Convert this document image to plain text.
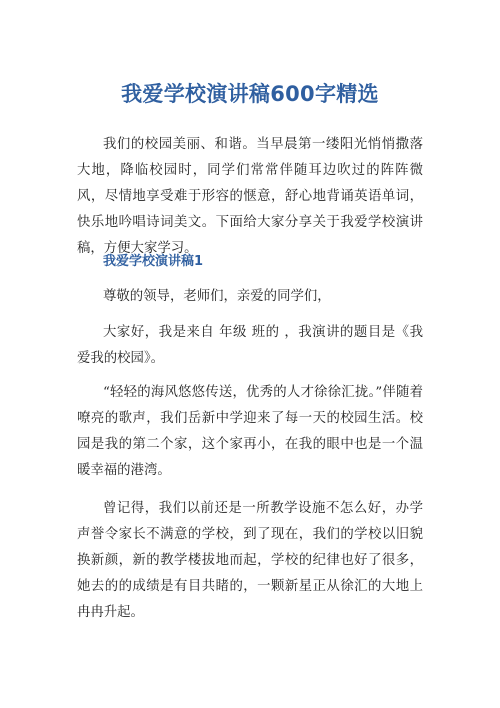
我爱学校演讲稿600字精选

我们的校园美丽、和谐。当早晨第一缕阳光悄悄撒落大地，降临校园时，同学们常常伴随耳边吹过的阵阵微风，尽情地享受难于形容的惬意，舒心地背诵英语单词，快乐地吟唱诗词美文。下面给大家分享关于我爱学校演讲稿，方便大家学习。

我爱学校演讲稿1

尊敬的领导，老师们，亲爱的同学们，

大家好，我是来自 年级 班的 ，我演讲的题目是《我爱我的校园》。

“轻轻的海风悠悠传送，优秀的人才徐徐汇拢。”伴随着嘹亮的歌声，我们岳新中学迎来了每一天的校园生活。校园是我的第二个家，这个家再小，在我的眼中也是一个温暖幸福的港湾。

曾记得，我们以前还是一所教学设施不怎么好，办学声誉令家长不满意的学校，到了现在，我们的学校以旧貌换新颜，新的教学楼拔地而起，学校的纪律也好了很多，她去的的成绩是有目共睹的，一颗新星正从徐汇的大地上冉冉升起。
